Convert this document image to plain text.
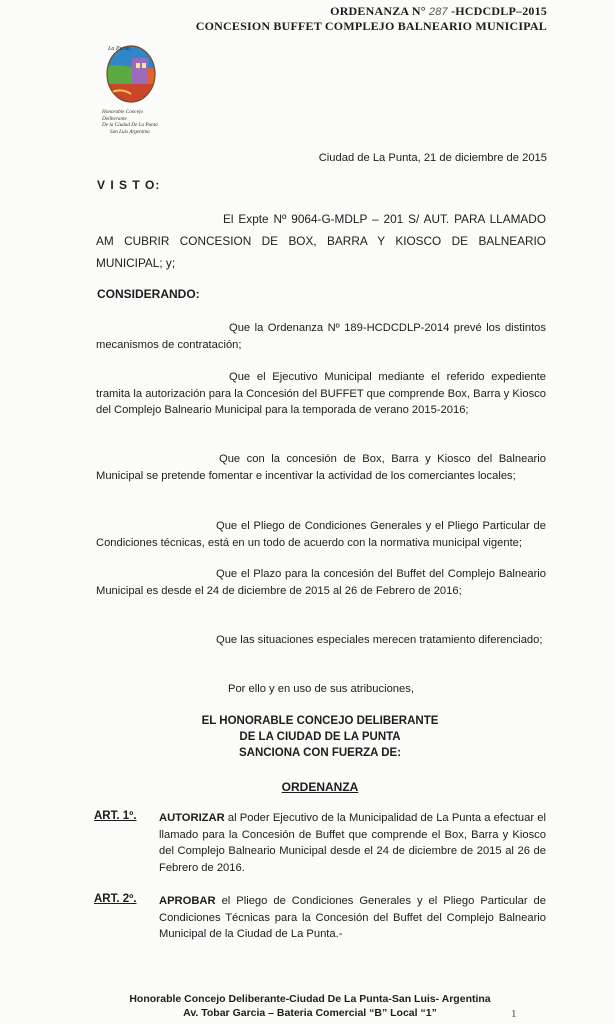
ORDENANZA N° 287 -HCDCDLP–2015
CONCESION BUFFET COMPLEJO BALNEARIO MUNICIPAL
La Punta
Honorable Concejo Deliberante
De la Ciudad De La Punta
San Luis Argentina
Ciudad de La Punta, 21 de diciembre de 2015
V I S T O:
El Expte Nº 9064-G-MDLP – 201 S/ AUT. PARA LLAMADO AM CUBRIR CONCESION DE BOX, BARRA Y KIOSCO DE BALNEARIO MUNICIPAL; y;
CONSIDERANDO:
Que la Ordenanza Nº 189-HCDCDLP-2014 prevé los distintos mecanismos de contratación;
Que el Ejecutivo Municipal mediante el referido expediente tramita la autorización para la Concesión del BUFFET que comprende Box, Barra y Kiosco del Complejo Balneario Municipal para la temporada de verano 2015-2016;
Que con la concesión de Box, Barra y Kiosco del Balneario Municipal se pretende fomentar e incentivar la actividad de los comerciantes locales;
Que el Pliego de Condiciones Generales y el Pliego Particular de Condiciones técnicas, está en un todo de acuerdo con la normativa municipal vigente;
Que el Plazo para la concesión del Buffet del Complejo Balneario Municipal es desde el 24 de diciembre de 2015 al 26 de Febrero de 2016;
Que las situaciones especiales merecen tratamiento diferenciado;
Por ello y en uso de sus atribuciones,
EL HONORABLE CONCEJO DELIBERANTE
DE LA CIUDAD DE LA PUNTA
SANCIONA CON FUERZA DE:
ORDENANZA
ART. 1º. AUTORIZAR al Poder Ejecutivo de la Municipalidad de La Punta a efectuar el llamado para la Concesión de Buffet que comprende el Box, Barra y Kiosco del Complejo Balneario Municipal desde el 24 de diciembre de 2015 al 26 de Febrero de 2016.
ART. 2º. APROBAR el Pliego de Condiciones Generales y el Pliego Particular de Condiciones Técnicas para la Concesión del Buffet del Complejo Balneario Municipal de la Ciudad de La Punta.-
Honorable Concejo Deliberante-Ciudad De La Punta-San Luis- Argentina
Av. Tobar Garcia – Bateria Comercial “B” Local “1”	1
